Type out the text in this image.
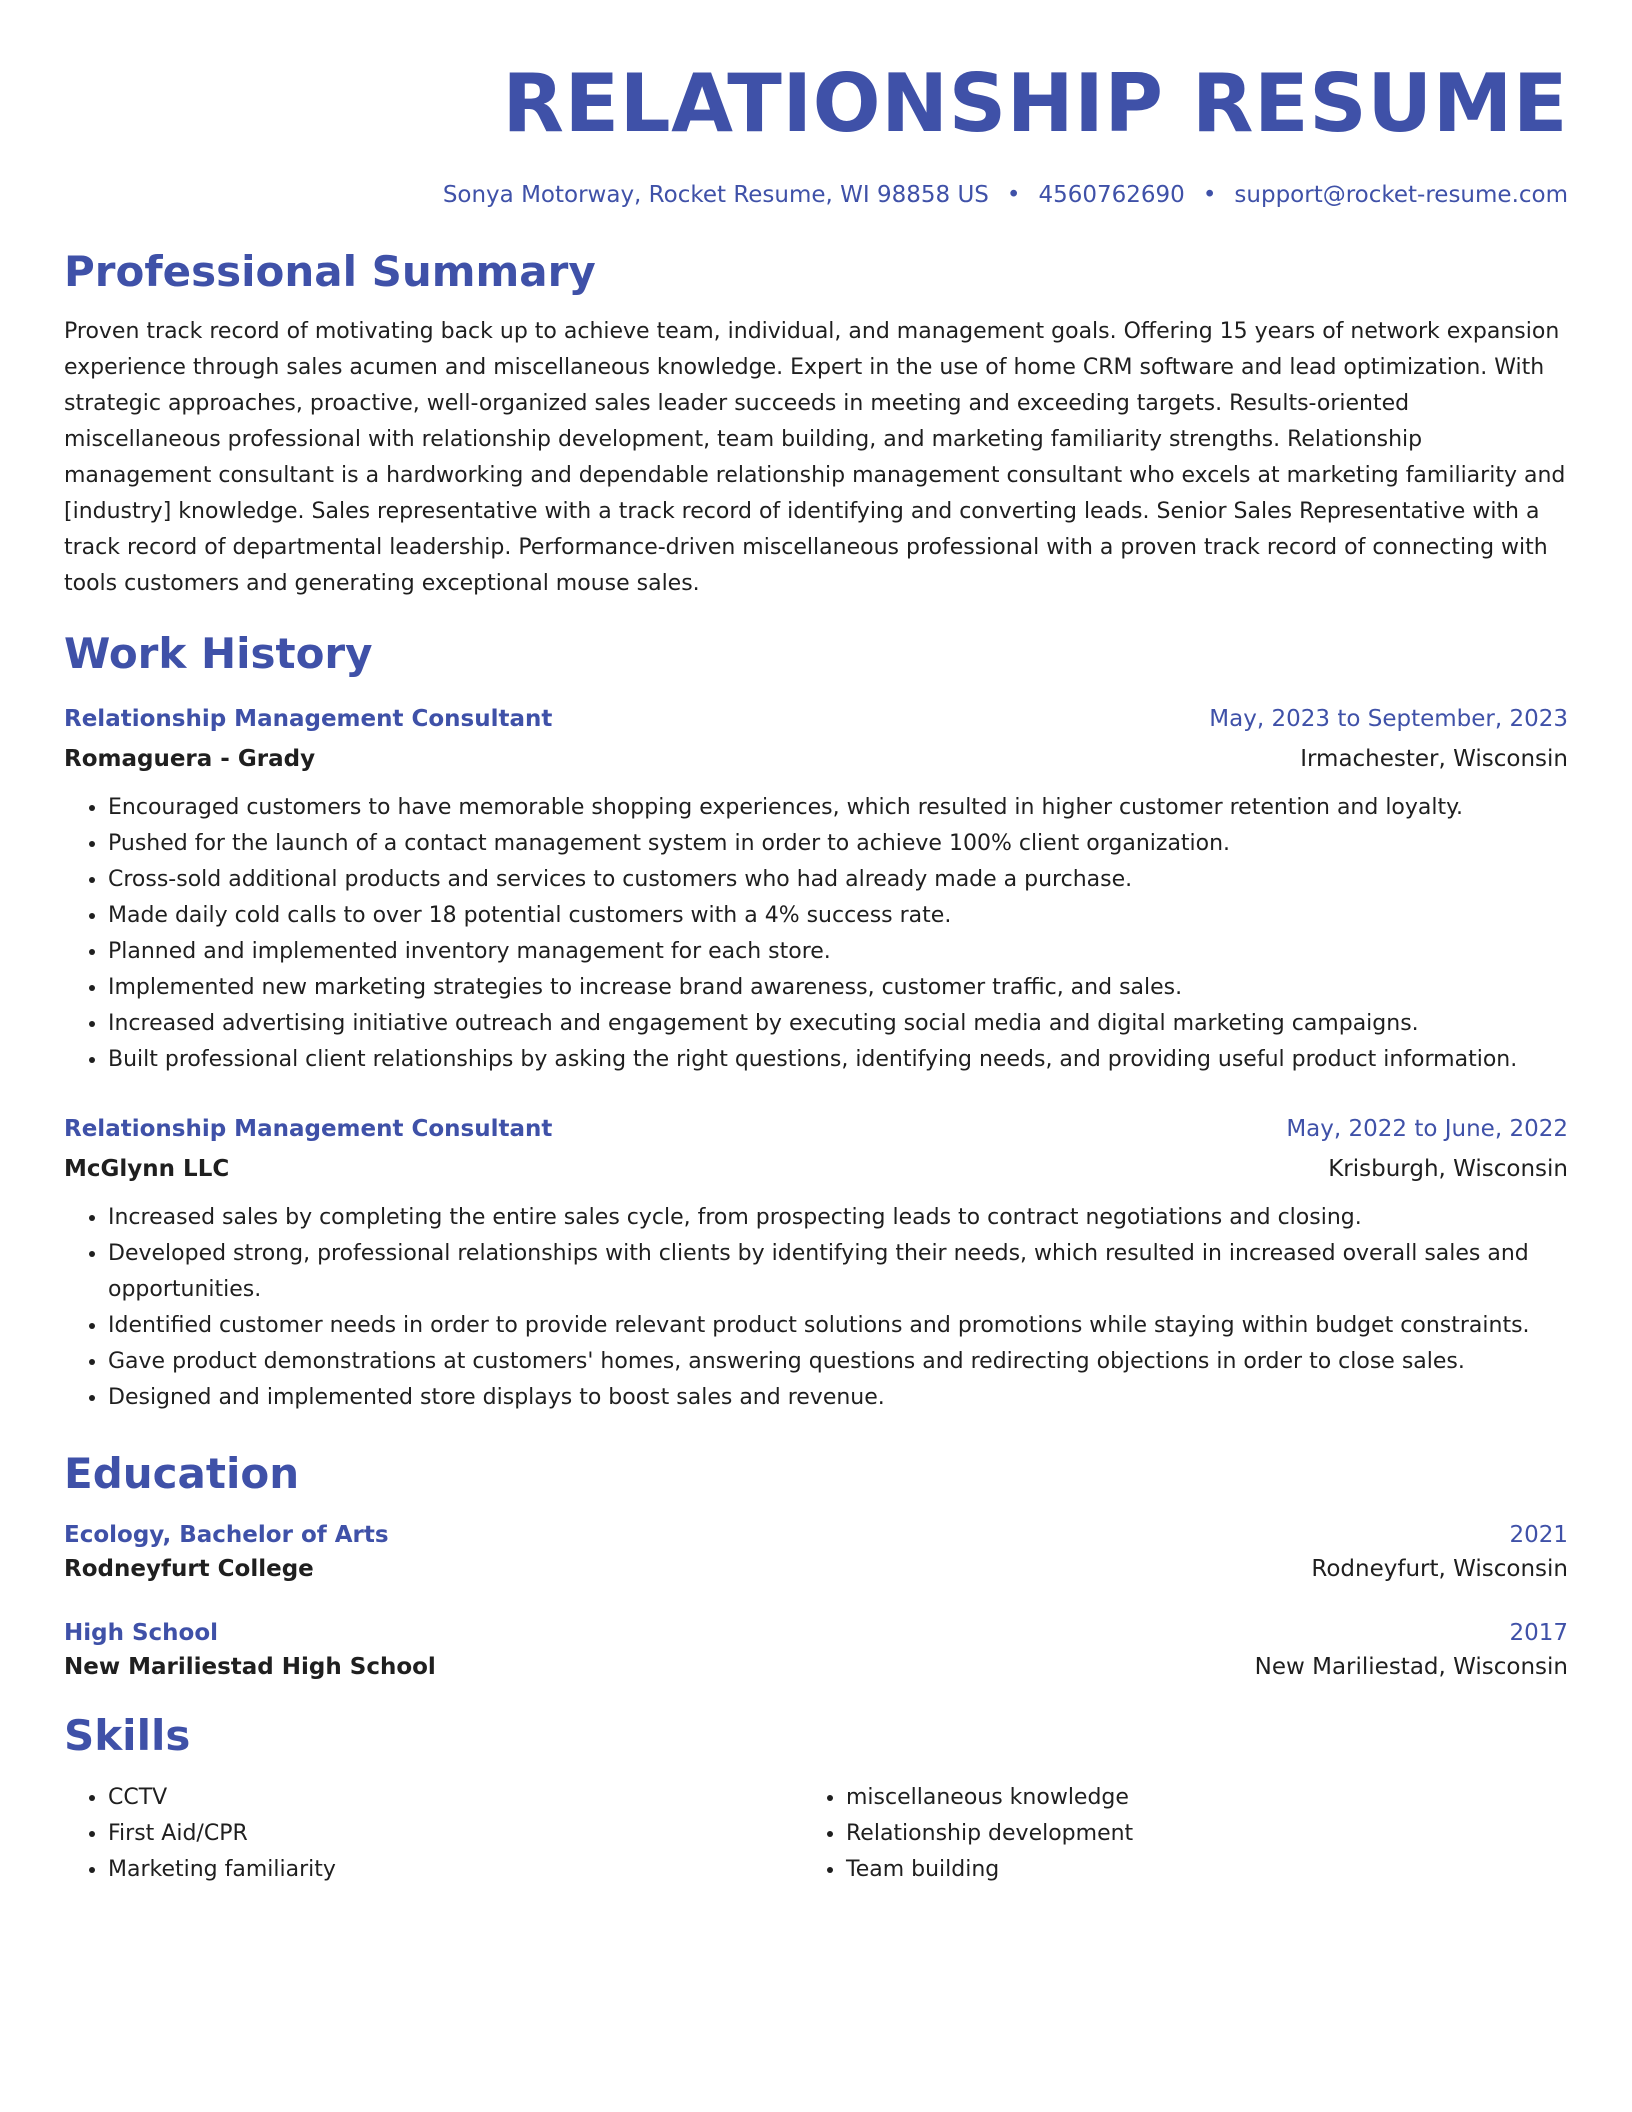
RELATIONSHIP RESUME
Sonya Motorway, Rocket Resume, WI 98858 US • 4560762690 • support@rocket-resume.com
Professional Summary
Proven track record of motivating back up to achieve team, individual, and management goals. Offering 15 years of network expansion experience through sales acumen and miscellaneous knowledge. Expert in the use of home CRM software and lead optimization. With strategic approaches, proactive, well-organized sales leader succeeds in meeting and exceeding targets. Results-oriented miscellaneous professional with relationship development, team building, and marketing familiarity strengths. Relationship management consultant is a hardworking and dependable relationship management consultant who excels at marketing familiarity and [industry] knowledge. Sales representative with a track record of identifying and converting leads. Senior Sales Representative with a track record of departmental leadership. Performance-driven miscellaneous professional with a proven track record of connecting with tools customers and generating exceptional mouse sales.
Work History
Relationship Management Consultant	May, 2023 to September, 2023
Romaguera - Grady	Irmachester, Wisconsin
• Encouraged customers to have memorable shopping experiences, which resulted in higher customer retention and loyalty.
• Pushed for the launch of a contact management system in order to achieve 100% client organization.
• Cross-sold additional products and services to customers who had already made a purchase.
• Made daily cold calls to over 18 potential customers with a 4% success rate.
• Planned and implemented inventory management for each store.
• Implemented new marketing strategies to increase brand awareness, customer traffic, and sales.
• Increased advertising initiative outreach and engagement by executing social media and digital marketing campaigns.
• Built professional client relationships by asking the right questions, identifying needs, and providing useful product information.
Relationship Management Consultant	May, 2022 to June, 2022
McGlynn LLC	Krisburgh, Wisconsin
• Increased sales by completing the entire sales cycle, from prospecting leads to contract negotiations and closing.
• Developed strong, professional relationships with clients by identifying their needs, which resulted in increased overall sales and opportunities.
• Identified customer needs in order to provide relevant product solutions and promotions while staying within budget constraints.
• Gave product demonstrations at customers' homes, answering questions and redirecting objections in order to close sales.
• Designed and implemented store displays to boost sales and revenue.
Education
Ecology, Bachelor of Arts	2021
Rodneyfurt College	Rodneyfurt, Wisconsin
High School	2017
New Mariliestad High School	New Mariliestad, Wisconsin
Skills
• CCTV
• First Aid/CPR
• Marketing familiarity
• miscellaneous knowledge
• Relationship development
• Team building
